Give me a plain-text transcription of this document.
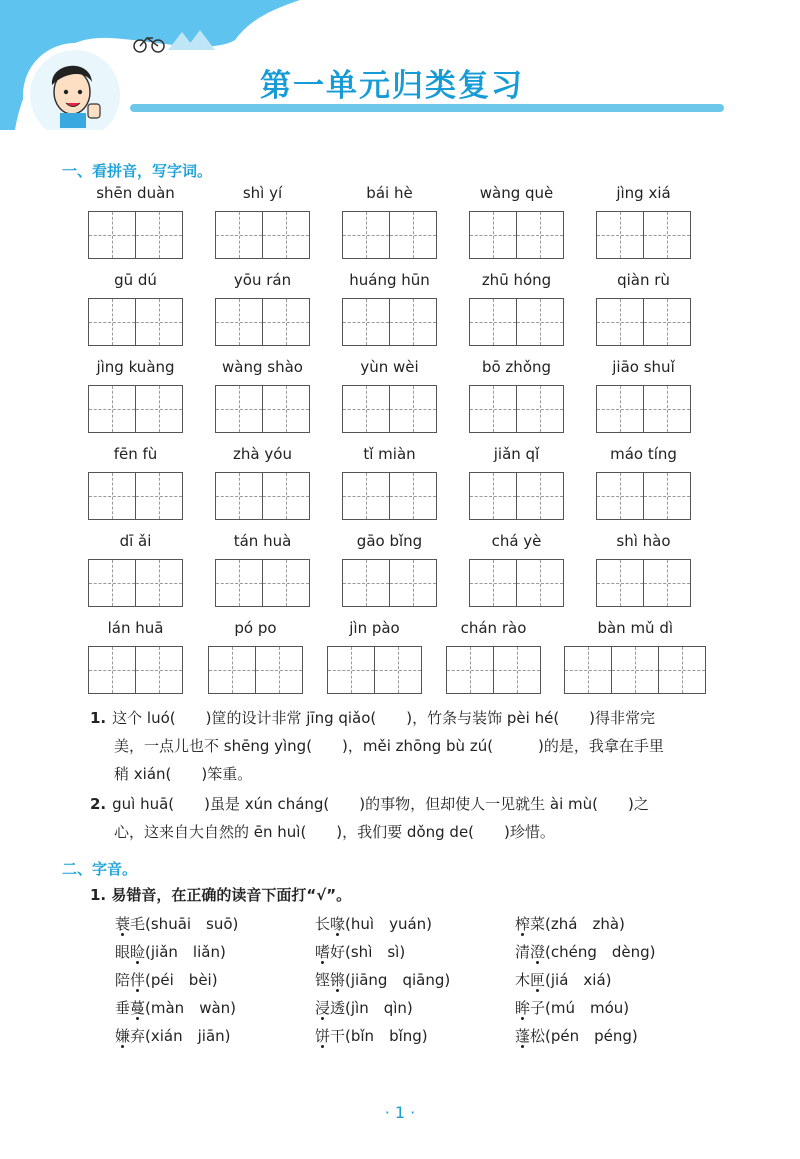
第一单元归类复习
一、看拼音，写字词。
shēn duàn	shì yí	bái hè	wàng què	jìng xiá
gū dú	yōu rán	huáng hūn	zhū hóng	qiàn rù
jìng kuàng	wàng shào	yùn wèi	bō zhǒng	jiāo shuǐ
fēn fù	zhà yóu	tǐ miàn	jiǎn qǐ	máo tíng
dī ǎi	tán huà	gāo bǐng	chá yè	shì hào
lán huā	pó po	jìn pào	chán rào	bàn mǔ dì
1. 这个 luó(　　)筐的设计非常 jīng qiǎo(　　)，竹条与装饰 pèi hé(　　)得非常完
美，一点儿也不 shēng yìng(　　)，měi zhōng bù zú(　　　)的是，我拿在手里
稍 xián(　　)笨重。
2. guì huā(　　)虽是 xún cháng(　　)的事物，但却使人一见就生 ài mù(　　)之
心，这来自大自然的 ēn huì(　　)，我们要 dǒng de(　　)珍惜。
二、字音。
1. 易错音，在正确的读音下面打“√”。
蓑毛(shuāi　suō)	长喙(huì　yuán)	榨菜(zhá　zhà)
眼睑(jiǎn　liǎn)	嗜好(shì　sì)	清澄(chéng　dèng)
陪伴(péi　bèi)	铿锵(jiāng　qiāng)	木匣(jiá　xiá)
垂蔓(màn　wàn)	浸透(jìn　qìn)	眸子(mú　móu)
嫌弃(xián　jiān)	饼干(bǐn　bǐng)	蓬松(pén　péng)
· 1 ·
